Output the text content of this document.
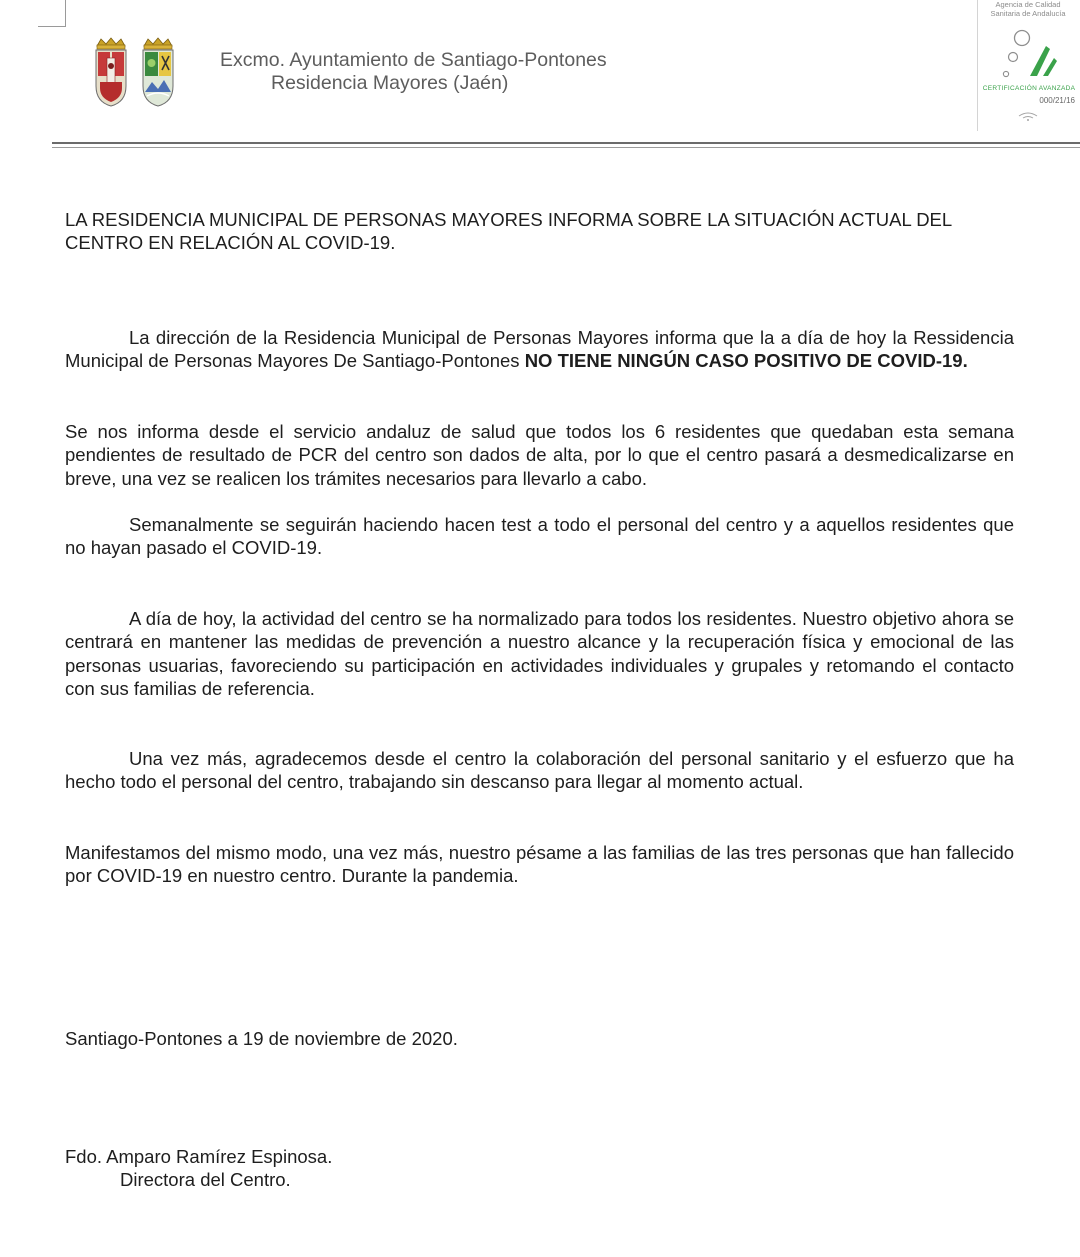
Excmo. Ayuntamiento de Santiago-Pontones
Residencia Mayores (Jaén)
Agencia de Calidad
Sanitaria de Andalucía
CERTIFICACIÓN AVANZADA
000/21/16

LA RESIDENCIA MUNICIPAL DE PERSONAS MAYORES INFORMA SOBRE LA SITUACIÓN ACTUAL DEL CENTRO EN RELACIÓN AL COVID-19.

La dirección de la Residencia Municipal de Personas Mayores informa que la a día de hoy la Ressidencia Municipal de Personas Mayores De Santiago-Pontones NO TIENE NINGÚN CASO POSITIVO DE COVID-19.

Se nos informa desde el servicio andaluz de salud que todos los 6 residentes que quedaban esta semana pendientes de resultado de PCR del centro son dados de alta, por lo que el centro pasará a desmedicalizarse en breve, una vez se realicen los trámites necesarios para llevarlo a cabo.

Semanalmente se seguirán haciendo hacen test a todo el personal del centro y a aquellos residentes que no hayan pasado el COVID-19.

A día de hoy, la actividad del centro se ha normalizado para todos los residentes. Nuestro objetivo ahora se centrará en mantener las medidas de prevención a nuestro alcance y la recuperación física y emocional de las personas usuarias, favoreciendo su participación en actividades individuales y grupales y retomando el contacto con sus familias de referencia.

Una vez más, agradecemos desde el centro la colaboración del personal sanitario y el esfuerzo que ha hecho todo el personal del centro, trabajando sin descanso para llegar al momento actual.

Manifestamos del mismo modo, una vez más, nuestro pésame a las familias de las tres personas que han fallecido por COVID-19 en nuestro centro. Durante la pandemia.

Santiago-Pontones a 19 de noviembre de 2020.

Fdo. Amparo Ramírez Espinosa.

Directora del Centro.
